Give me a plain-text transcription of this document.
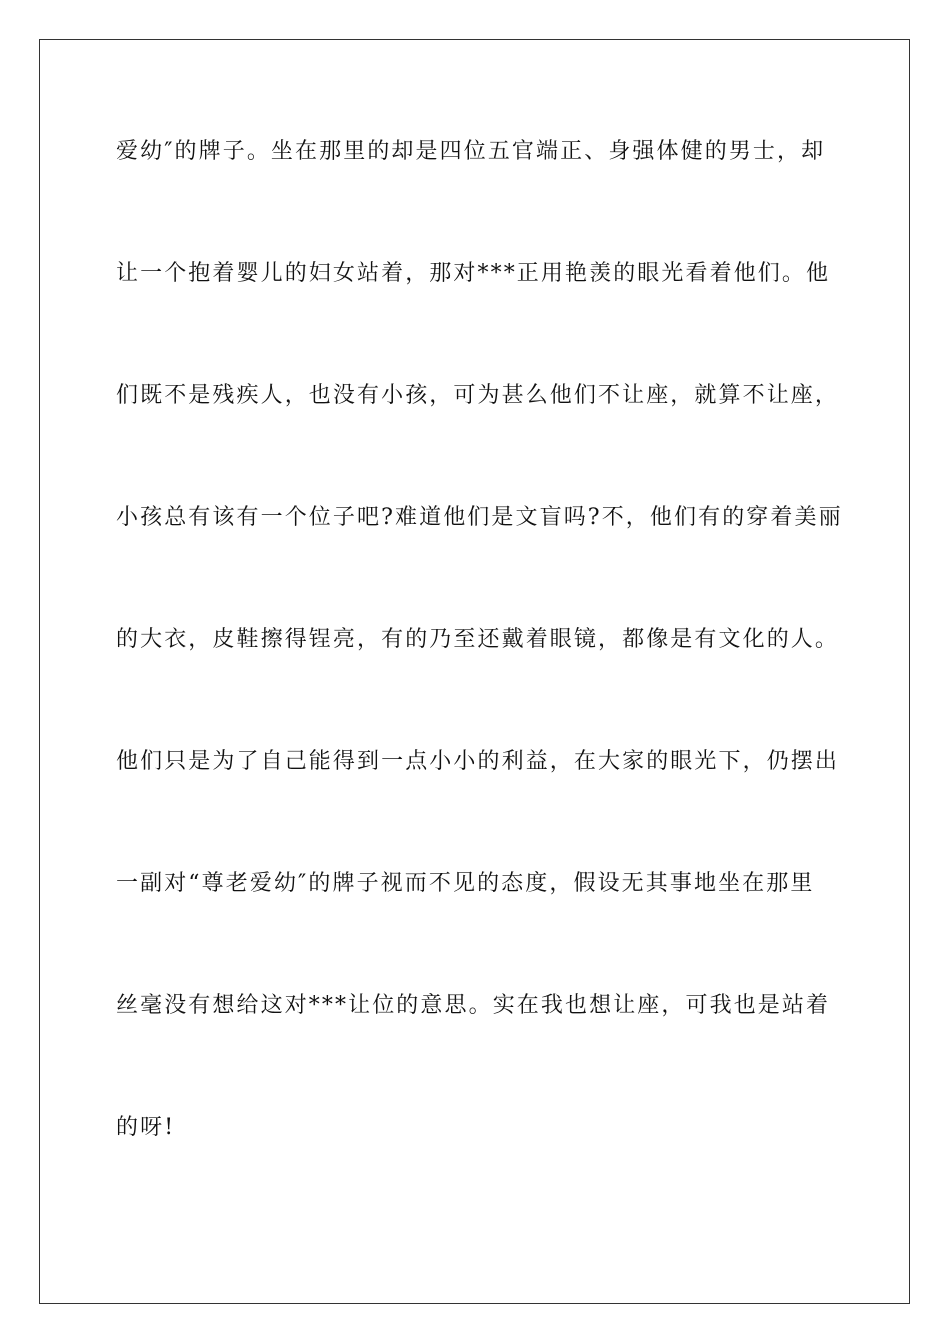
爱幼″的牌子。坐在那里的却是四位五官端正、身强体健的男士，却
让一个抱着婴儿的妇女站着，那对***正用艳羡的眼光看着他们。他
们既不是残疾人，也没有小孩，可为甚么他们不让座，就算不让座，
小孩总有该有一个位子吧?难道他们是文盲吗?不，他们有的穿着美丽
的大衣，皮鞋擦得锃亮，有的乃至还戴着眼镜，都像是有文化的人。
他们只是为了自己能得到一点小小的利益，在大家的眼光下，仍摆出
一副对“尊老爱幼″的牌子视而不见的态度，假设无其事地坐在那里
丝毫没有想给这对***让位的意思。实在我也想让座，可我也是站着
的呀!
